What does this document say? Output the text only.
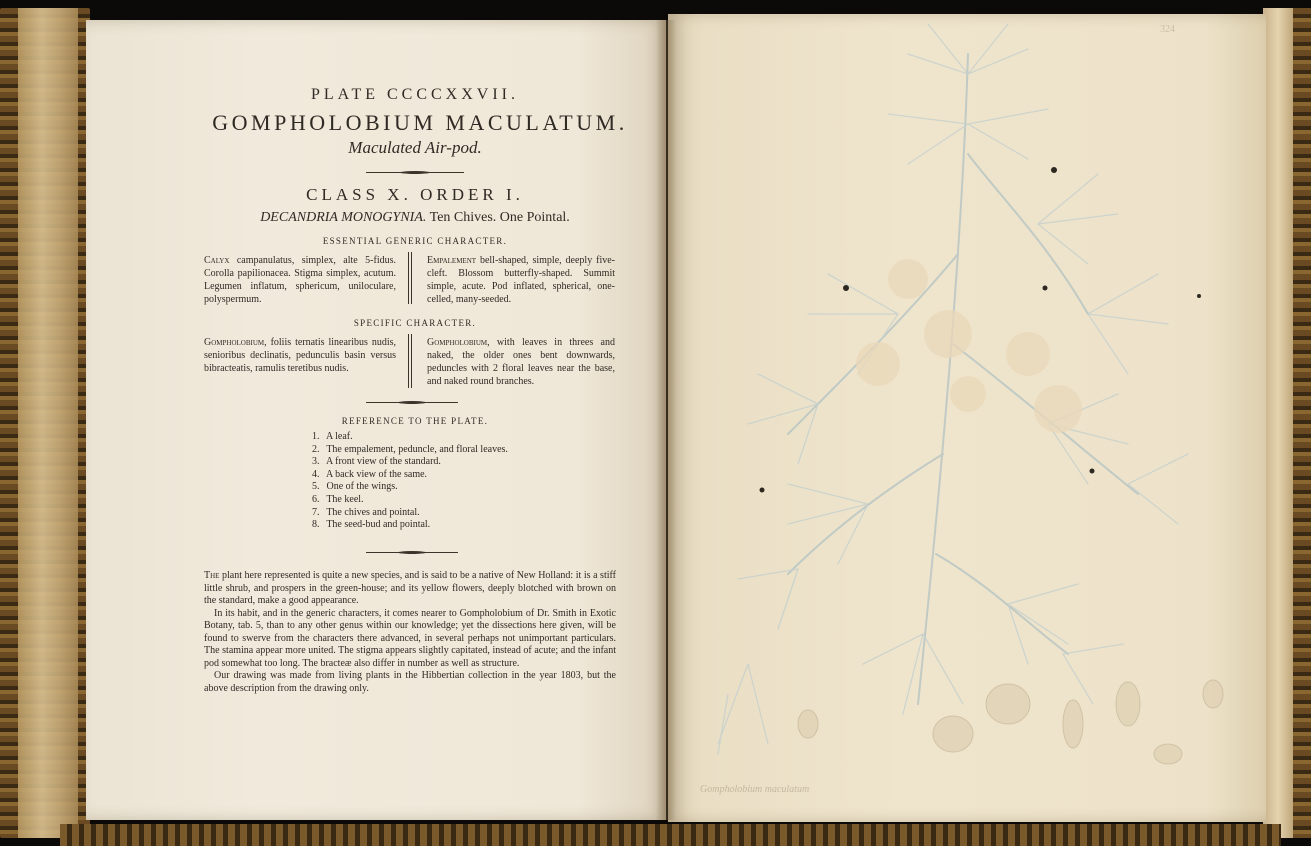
PLATE CCCCXXVII.
GOMPHOLOBIUM MACULATUM.
Maculated Air-pod.
CLASS X. ORDER I.
DECANDRIA MONOGYNIA. Ten Chives. One Pointal.
ESSENTIAL GENERIC CHARACTER.
Calyx campanulatus, simplex, alte 5-fidus. Corolla papilionacea. Stigma simplex, acutum. Legumen inflatum, sphericum, uniloculare, polyspermum.
Empalement bell-shaped, simple, deeply five-cleft. Blossom butterfly-shaped. Summit simple, acute. Pod inflated, spherical, one-celled, many-seeded.
SPECIFIC CHARACTER.
Gompholobium, foliis ternatis linearibus nudis, senioribus declinatis, pedunculis basin versus bibracteatis, ramulis teretibus nudis.
Gompholobium, with leaves in threes and naked, the older ones bent downwards, peduncles with 2 floral leaves near the base, and naked round branches.
REFERENCE TO THE PLATE.
1. A leaf.
2. The empalement, peduncle, and floral leaves.
3. A front view of the standard.
4. A back view of the same.
5. One of the wings.
6. The keel.
7. The chives and pointal.
8. The seed-bud and pointal.

The plant here represented is quite a new species, and is said to be a native of New Holland: it is a stiff little shrub, and prospers in the green-house; and its yellow flowers, deeply blotched with brown on the standard, make a good appearance.

In its habit, and in the generic characters, it comes nearer to Gompholobium of Dr. Smith in Exotic Botany, tab. 5, than to any other genus within our knowledge; yet the dissections here given, will be found to swerve from the characters there advanced, in several perhaps not unimportant particulars. The stamina appear more united. The stigma appears slightly capitated, instead of acute; and the infant pod somewhat too long. The bracteæ also differ in number as well as structure.

Our drawing was made from living plants in the Hibbertian collection in the year 1803, but the above description from the drawing only.

Gompholobium maculatum
324
